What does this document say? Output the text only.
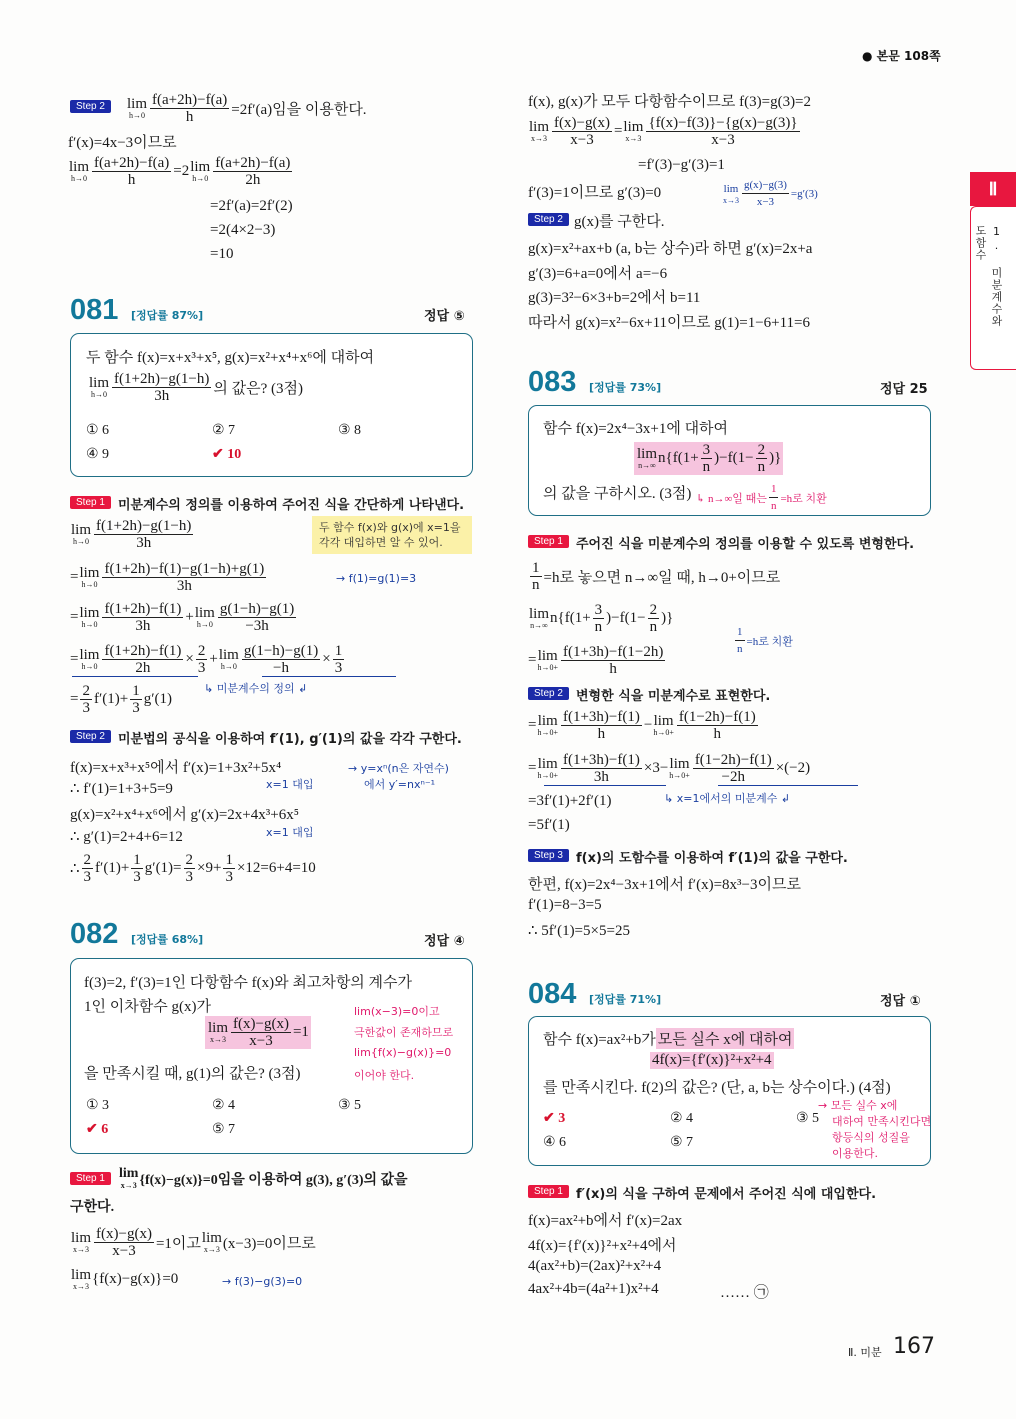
● 본문 108쪽
Ⅱ
1. 미분계수와 도함수
Ⅱ. 미분 167
Step 2	lim
$h\to 0 \frac{f(a+2h)-f(a)}{h} =2f'(a)$임을 이용한다.
f′(x)=4x−3이므로
lim
$h\to 0 \frac{f(a+2h)-f(a)}{h} =2$ lim
$h\to 0 \frac{f(a+2h)-f(a)}{2h}$
=2f′(a)=2f′(2)
=2(4×2−3)
=10
081 [정답률 87%]	정답 ⑤
두 함수 f(x)=x+x³+x⁵, g(x)=x²+x⁴+x⁶에 대하여
lim
$h\to 0 \frac{f(1+2h)-g(1-h)}{3h}$ 의 값은? (3점)
① 6	② 7	③ 8
④ 9	✔ 10
Step 1	미분계수의 정의를 이용하여 주어진 식을 간단하게 나타낸다.
두 함수 f(x)와 g(x)에 x=1을 각각 대입하면 알 수 있어.
lim
$h\to 0 \frac{f(1+2h)-g(1-h)}{3h}$
= lim
$h\to 0 \frac{f(1+2h)-f(1)-g(1-h)+g(1)}{3h}$	→ f(1)=g(1)=3
= lim
$h\to 0 \frac{f(1+2h)-f(1)}{3h} + \lim$
$h\to 0 \frac{g(1-h)-g(1)}{-3h}$
= lim
$h\to 0 \frac{f(1+2h)-f(1)}{2h} \times \frac{2}{3} + \lim$
$h\to 0 \frac{g(1-h)-g(1)}{-h} \times \frac{1}{3}$
↳ 미분계수의 정의 ↲
= $\frac{2}{3} f'(1)+ \frac{1}{3} g'(1)$
Step 2	미분법의 공식을 이용하여 f′(1), g′(1)의 값을 각각 구한다.
f(x)=x+x³+x⁵에서 f′(x)=1+3x²+5x⁴	→ y=xⁿ(n은 자연수)
에서 y′=nxⁿ⁻¹
∴ f′(1)=1+3+5=9	x=1 대입
g(x)=x²+x⁴+x⁶에서 g′(x)=2x+4x³+6x⁵
∴ g′(1)=2+4+6=12	x=1 대입
∴ $\frac{2}{3} f'(1)+ \frac{1}{3} g'(1)= \frac{2}{3} \times 9+ \frac{1}{3} \times 12=6+4=10$
082 [정답률 68%]	정답 ④
f(3)=2, f′(3)=1인 다항함수 f(x)와 최고차항의 계수가
1인 이차함수 g(x)가
lim
$x\to 3 \frac{f(x)-g(x)}{x-3} =1$
을 만족시킬 때, g(1)의 값은? (3점)
lim(x−3)=0이고
극한값이 존재하므로
lim{f(x)−g(x)}=0
이어야 한다.
① 3	② 4	③ 5
✔ 6	⑤ 7
Step 1	lim
x→3 {f(x)−g(x)}=0임을 이용하여 g(3), g′(3)의 값을
구한다.
lim
$x\to 3 \frac{f(x)-g(x)}{x-3} =1$이고 lim
x→3 (x−3)=0이므로
lim
x→3 {f(x)−g(x)}=0	→ f(3)−g(3)=0
f(x), g(x)가 모두 다항함수이므로 f(3)=g(3)=2
lim
$x\to 3 \frac{f(x)-g(x)}{x-3} = \lim$
$x\to 3 \frac{\{f(x)-f(3)\}-\{g(x)-g(3)\}}{x-3}$
=f′(3)−g′(3)=1
f′(3)=1이므로 g′(3)=0	lim
$x\to 3 \frac{g(x)-g(3)}{x-3} =g'(3)$
Step 2 g(x)를 구한다.
g(x)=x²+ax+b (a, b는 상수)라 하면 g′(x)=2x+a
g′(3)=6+a=0에서 a=−6
g(3)=3²−6×3+b=2에서 b=11
따라서 g(x)=x²−6x+11이므로 g(1)=1−6+11=6
083 [정답률 73%]	정답 25
함수 f(x)=2x⁴−3x+1에 대하여
lim
n→∞ $n\{f(1+ \frac{3}{n} )-f(1- \frac{2}{n}$ )}
의 값을 구하시오. (3점) ↳ n→∞일 때는 $\frac{1}{n} =h$로 치환
Step 1	주어진 식을 미분계수의 정의를 이용할 수 있도록 변형한다.
$\frac{1}{n} =h$로 놓으면 n→∞일 때, h→0+이므로
lim
n→∞ $n\{f(1+ \frac{3}{n} )-f(1- \frac{2}{n}$ )}
= lim
$h\to 0+ \frac{f(1+3h)-f(1-2h)}{h}$
$\frac{1}{n} =h$로 치환
Step 2	변형한 식을 미분계수로 표현한다.
= lim
$h\to 0+ \frac{f(1+3h)-f(1)}{h} - \lim$
$h\to 0+ \frac{f(1-2h)-f(1)}{h}$
= lim
$h\to 0+ \frac{f(1+3h)-f(1)}{3h} \times 3- \lim$
$h\to 0+ \frac{f(1-2h)-f(1)}{-2h} \times(-2)$
=3f′(1)+2f′(1)	↳ x=1에서의 미분계수 ↲
=5f′(1)
Step 3	f(x)의 도함수를 이용하여 f′(1)의 값을 구한다.
한편, f(x)=2x⁴−3x+1에서 f′(x)=8x³−3이므로
f′(1)=8−3=5
∴ 5f′(1)=5×5=25
084 [정답률 71%]	정답 ①
함수 f(x)=ax²+b가 모든 실수 x에 대하여
4f(x)={f′(x)}²+x²+4
를 만족시킨다. f(2)의 값은? (단, a, b는 상수이다.) (4점)
→ 모든 실수 x에
대하여 만족시킨다면
항등식의 성질을
이용한다.
✔ 3	② 4	③ 5
④ 6	⑤ 7
Step 1	f′(x)의 식을 구하여 문제에서 주어진 식에 대입한다.
f(x)=ax²+b에서 f′(x)=2ax
4f(x)={f′(x)}²+x²+4에서
4(ax²+b)=(2ax)²+x²+4
4ax²+4b=(4a²+1)x²+4	…… ㉠
